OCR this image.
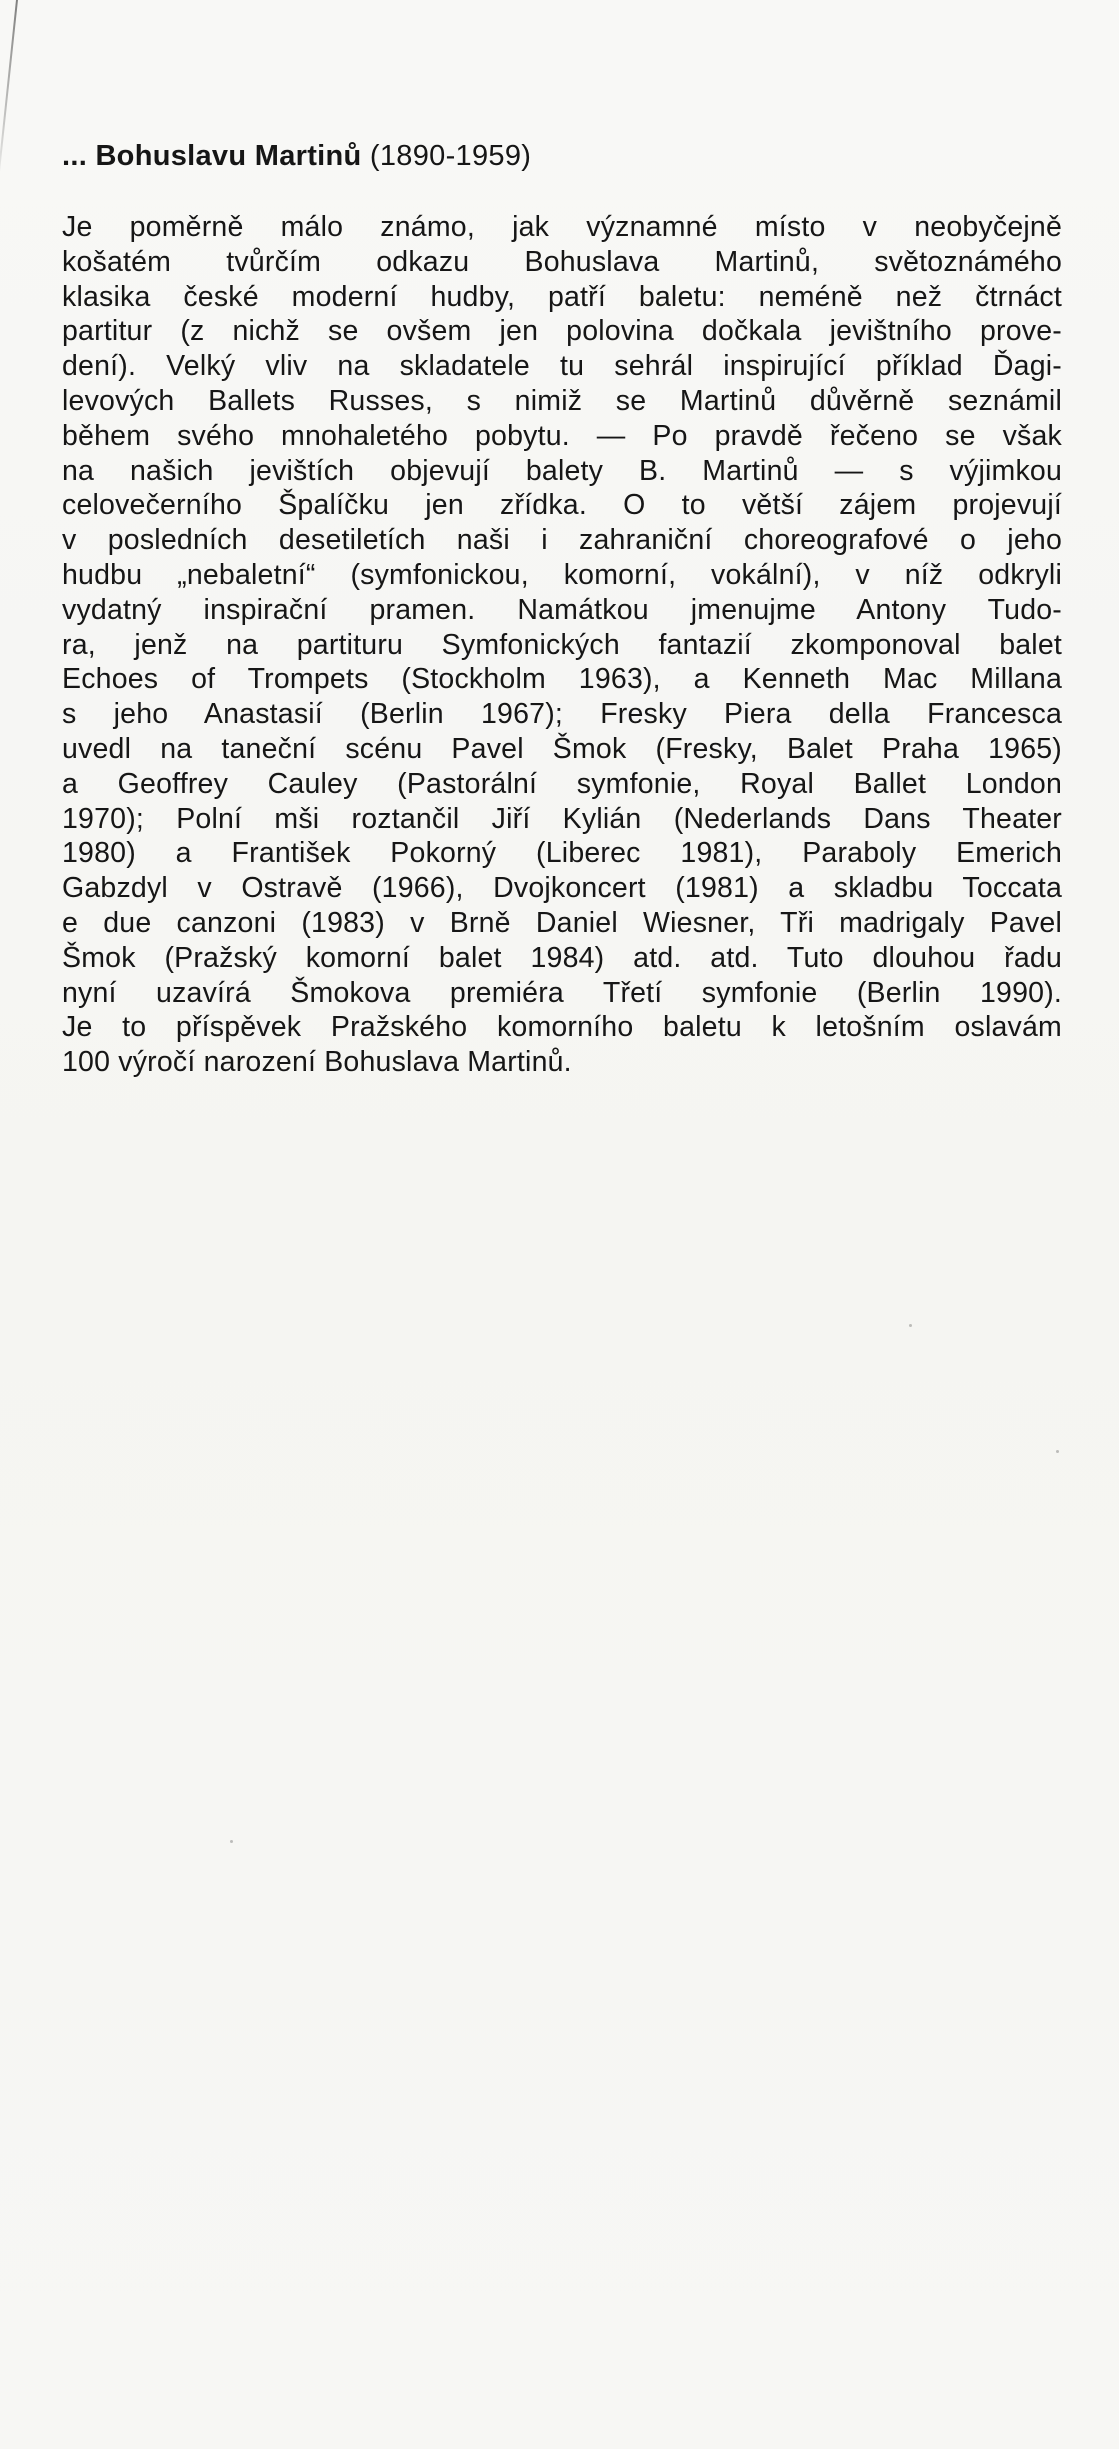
... Bohuslavu Martinů (1890-1959)
Je poměrně málo známo, jak významné místo v neobyčejně
košatém tvůrčím odkazu Bohuslava Martinů, světoznámého
klasika české moderní hudby, patří baletu: neméně než čtrnáct
partitur (z nichž se ovšem jen polovina dočkala jevištního prove-
dení). Velký vliv na skladatele tu sehrál inspirující příklad Ďagi-
levových Ballets Russes, s nimiž se Martinů důvěrně seznámil
během svého mnohaletého pobytu. — Po pravdě řečeno se však
na našich jevištích objevují balety B. Martinů — s výjimkou
celovečerního Špalíčku jen zřídka. O to větší zájem projevují
v posledních desetiletích naši i zahraniční choreografové o jeho
hudbu „nebaletní“ (symfonickou, komorní, vokální), v níž odkryli
vydatný inspirační pramen. Namátkou jmenujme Antony Tudo-
ra, jenž na partituru Symfonických fantazií zkomponoval balet
Echoes of Trompets (Stockholm 1963), a Kenneth Mac Millana
s jeho Anastasií (Berlin 1967); Fresky Piera della Francesca
uvedl na taneční scénu Pavel Šmok (Fresky, Balet Praha 1965)
a Geoffrey Cauley (Pastorální symfonie, Royal Ballet London
1970); Polní mši roztančil Jiří Kylián (Nederlands Dans Theater
1980) a František Pokorný (Liberec 1981), Paraboly Emerich
Gabzdyl v Ostravě (1966), Dvojkoncert (1981) a skladbu Toccata
e due canzoni (1983) v Brně Daniel Wiesner, Tři madrigaly Pavel
Šmok (Pražský komorní balet 1984) atd. atd. Tuto dlouhou řadu
nyní uzavírá Šmokova premiéra Třetí symfonie (Berlin 1990).
Je to příspěvek Pražského komorního baletu k letošním oslavám
100 výročí narození Bohuslava Martinů.
